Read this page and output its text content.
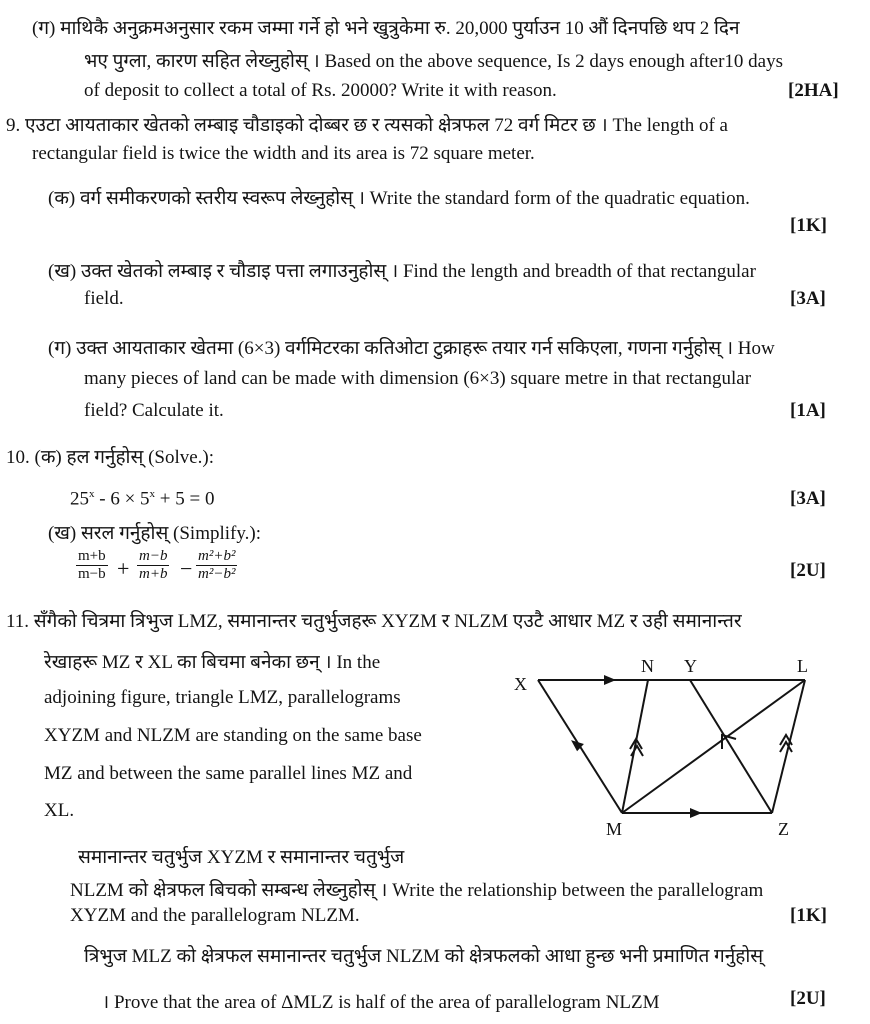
(ग) माथिकै अनुक्रमअनुसार रकम जम्मा गर्ने हो भने खुत्रुकेमा रु. 20,000 पुर्याउन 10 औं दिनपछि थप 2 दिन
भए पुग्ला, कारण सहित लेख्नुहोस् । Based on the above sequence, Is 2 days enough after10 days
of deposit to collect a total of Rs. 20000? Write it with reason.	[2HA]
9. एउटा आयताकार खेतको लम्बाइ चौडाइको दोब्बर छ र त्यसको क्षेत्रफल 72 वर्ग मिटर छ । The length of a
rectangular field is twice the width and its area is 72 square meter.
(क) वर्ग समीकरणको स्तरीय स्वरूप लेख्नुहोस् । Write the standard form of the quadratic equation.
[1K]
(ख) उक्त खेतको लम्बाइ र चौडाइ पत्ता लगाउनुहोस् । Find the length and breadth of that rectangular
field.	[3A]
(ग) उक्त आयताकार खेतमा (6×3) वर्गमिटरका कतिओटा टुक्राहरू तयार गर्न सकिएला, गणना गर्नुहोस् । How
many pieces of land can be made with dimension (6×3) square metre in that rectangular
field? Calculate it.	[1A]
10. (क) हल गर्नुहोस् (Solve.):
$25^x - 6 \times 5^x + 5 = 0$	[3A]
(ख) सरल गर्नुहोस् (Simplify.):
$\frac{m+b}{m-b} + \frac{m-b}{m+b} - \frac{\text{m²+b²}}{\text{m²−b²}}$	[2U]
11. सँगैको चित्रमा त्रिभुज LMZ, समानान्तर चतुर्भुजहरू XYZM र NLZM एउटै आधार MZ र उही समानान्तर
रेखाहरू MZ र XL का बिचमा बनेका छन् । In the
adjoining figure, triangle LMZ, parallelograms
XYZM and NLZM are standing on the same base
MZ and between the same parallel lines MZ and
XL.
X
N Y	L
M	Z
समानान्तर चतुर्भुज XYZM र समानान्तर चतुर्भुज
NLZM को क्षेत्रफल बिचको सम्बन्ध लेख्नुहोस् । Write the relationship between the parallelogram
XYZM and the parallelogram NLZM.	[1K]
त्रिभुज MLZ को क्षेत्रफल समानान्तर चतुर्भुज NLZM को क्षेत्रफलको आधा हुन्छ भनी प्रमाणित गर्नुहोस्
। Prove that the area of ΔMLZ is half of the area of parallelogram NLZM	[2U]
